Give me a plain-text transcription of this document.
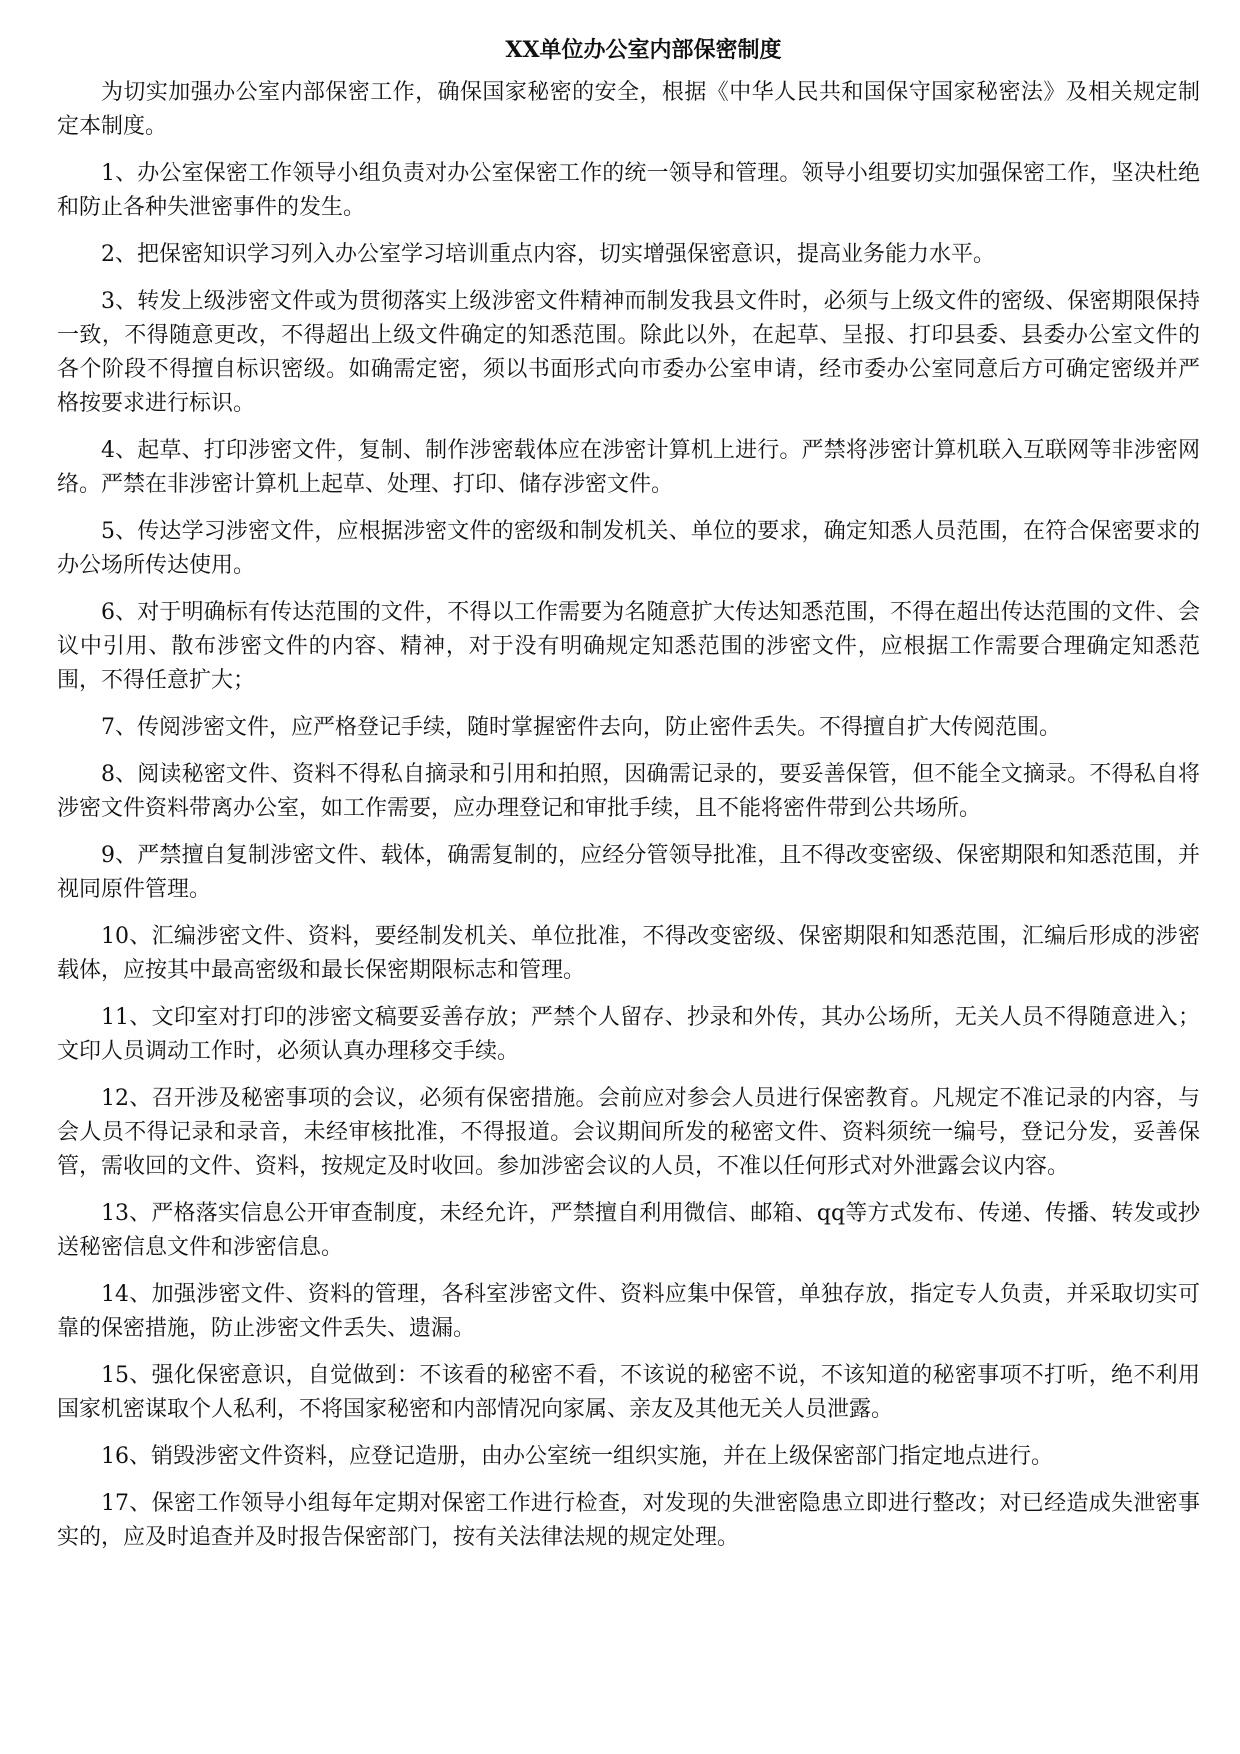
XX单位办公室内部保密制度
为切实加强办公室内部保密工作，确保国家秘密的安全，根据《中华人民共和国保守国家秘密法》及相关规定制定本制度。
1、办公室保密工作领导小组负责对办公室保密工作的统一领导和管理。领导小组要切实加强保密工作，坚决杜绝和防止各种失泄密事件的发生。
2、把保密知识学习列入办公室学习培训重点内容，切实增强保密意识，提高业务能力水平。
3、转发上级涉密文件或为贯彻落实上级涉密文件精神而制发我县文件时，必须与上级文件的密级、保密期限保持一致，不得随意更改，不得超出上级文件确定的知悉范围。除此以外，在起草、呈报、打印县委、县委办公室文件的各个阶段不得擅自标识密级。如确需定密，须以书面形式向市委办公室申请，经市委办公室同意后方可确定密级并严格按要求进行标识。
4、起草、打印涉密文件，复制、制作涉密载体应在涉密计算机上进行。严禁将涉密计算机联入互联网等非涉密网络。严禁在非涉密计算机上起草、处理、打印、储存涉密文件。
5、传达学习涉密文件，应根据涉密文件的密级和制发机关、单位的要求，确定知悉人员范围，在符合保密要求的办公场所传达使用。
6、对于明确标有传达范围的文件，不得以工作需要为名随意扩大传达知悉范围，不得在超出传达范围的文件、会议中引用、散布涉密文件的内容、精神，对于没有明确规定知悉范围的涉密文件，应根据工作需要合理确定知悉范围，不得任意扩大；
7、传阅涉密文件，应严格登记手续，随时掌握密件去向，防止密件丢失。不得擅自扩大传阅范围。
8、阅读秘密文件、资料不得私自摘录和引用和拍照，因确需记录的，要妥善保管，但不能全文摘录。不得私自将涉密文件资料带离办公室，如工作需要，应办理登记和审批手续，且不能将密件带到公共场所。
9、严禁擅自复制涉密文件、载体，确需复制的，应经分管领导批准，且不得改变密级、保密期限和知悉范围，并视同原件管理。
10、汇编涉密文件、资料，要经制发机关、单位批准，不得改变密级、保密期限和知悉范围，汇编后形成的涉密载体，应按其中最高密级和最长保密期限标志和管理。
11、文印室对打印的涉密文稿要妥善存放；严禁个人留存、抄录和外传，其办公场所，无关人员不得随意进入；文印人员调动工作时，必须认真办理移交手续。
12、召开涉及秘密事项的会议，必须有保密措施。会前应对参会人员进行保密教育。凡规定不准记录的内容，与会人员不得记录和录音，未经审核批准，不得报道。会议期间所发的秘密文件、资料须统一编号，登记分发，妥善保管，需收回的文件、资料，按规定及时收回。参加涉密会议的人员，不准以任何形式对外泄露会议内容。
13、严格落实信息公开审查制度，未经允许，严禁擅自利用微信、邮箱、qq等方式发布、传递、传播、转发或抄送秘密信息文件和涉密信息。
14、加强涉密文件、资料的管理，各科室涉密文件、资料应集中保管，单独存放，指定专人负责，并采取切实可靠的保密措施，防止涉密文件丢失、遗漏。
15、强化保密意识，自觉做到：不该看的秘密不看，不该说的秘密不说，不该知道的秘密事项不打听，绝不利用国家机密谋取个人私利，不将国家秘密和内部情况向家属、亲友及其他无关人员泄露。
16、销毁涉密文件资料，应登记造册，由办公室统一组织实施，并在上级保密部门指定地点进行。
17、保密工作领导小组每年定期对保密工作进行检查，对发现的失泄密隐患立即进行整改；对已经造成失泄密事实的，应及时追查并及时报告保密部门，按有关法律法规的规定处理。
